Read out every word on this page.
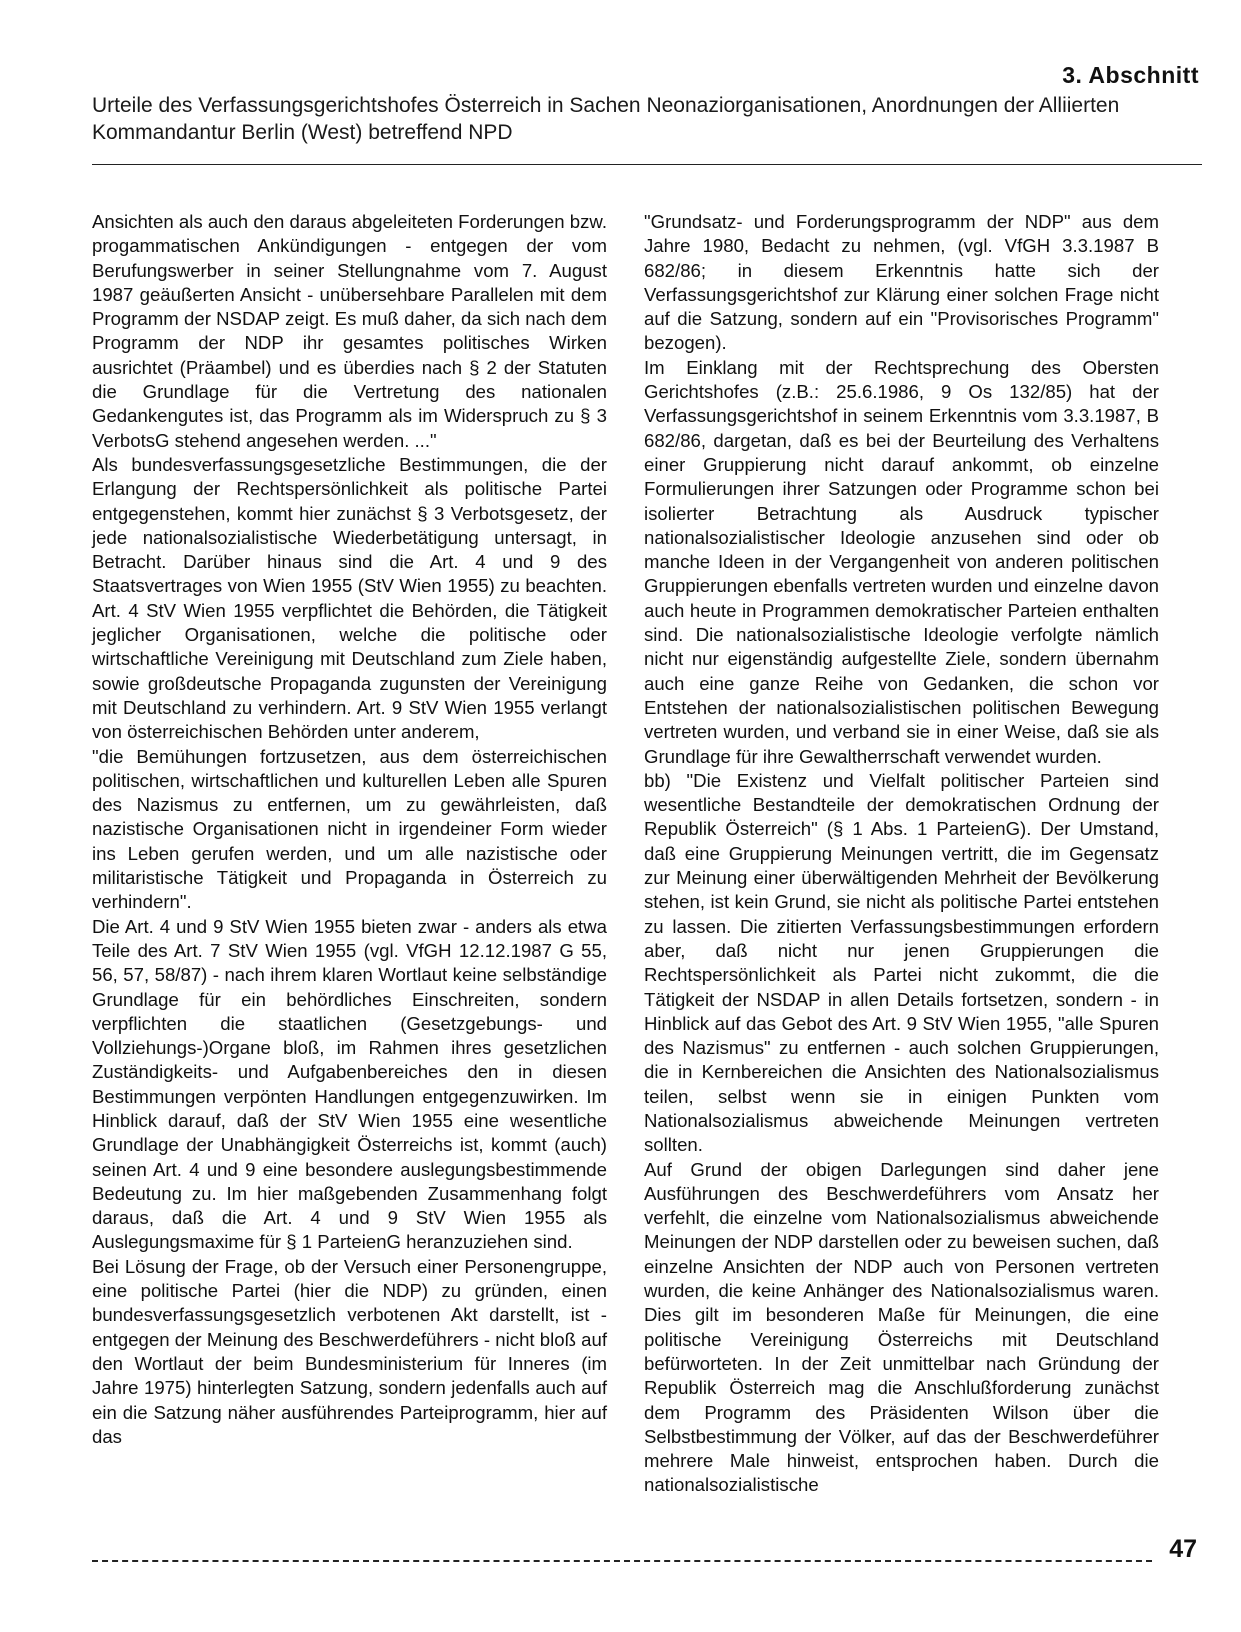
3. Abschnitt
Urteile des Verfassungsgerichtshofes Österreich in Sachen Neonaziorganisationen, Anordnungen der Alliierten Kommandantur Berlin (West) betreffend NPD

Ansichten als auch den daraus abgeleiteten Forderungen bzw. progammatischen Ankündigungen - entgegen der vom Berufungswerber in seiner Stellungnahme vom 7. August 1987 geäußerten Ansicht - unübersehbare Parallelen mit dem Programm der NSDAP zeigt. Es muß daher, da sich nach dem Programm der NDP ihr gesamtes politisches Wirken ausrichtet (Präambel) und es überdies nach § 2 der Statuten die Grundlage für die Vertretung des nationalen Gedankengutes ist, das Programm als im Widerspruch zu § 3 VerbotsG stehend angesehen werden. ..."

Als bundesverfassungsgesetzliche Bestimmungen, die der Erlangung der Rechtspersönlichkeit als politische Partei entgegenstehen, kommt hier zunächst § 3 Verbotsgesetz, der jede nationalsozialistische Wiederbetätigung untersagt, in Betracht. Darüber hinaus sind die Art. 4 und 9 des Staatsvertrages von Wien 1955 (StV Wien 1955) zu beachten. Art. 4 StV Wien 1955 verpflichtet die Behörden, die Tätigkeit jeglicher Organisationen, welche die politische oder wirtschaftliche Vereinigung mit Deutschland zum Ziele haben, sowie großdeutsche Propaganda zugunsten der Vereinigung mit Deutschland zu verhindern. Art. 9 StV Wien 1955 verlangt von österreichischen Behörden unter anderem,

"die Bemühungen fortzusetzen, aus dem österreichischen politischen, wirtschaftlichen und kulturellen Leben alle Spuren des Nazismus zu entfernen, um zu gewährleisten, daß nazistische Organisationen nicht in irgendeiner Form wieder ins Leben gerufen werden, und um alle nazistische oder militaristische Tätigkeit und Propaganda in Österreich zu verhindern".

Die Art. 4 und 9 StV Wien 1955 bieten zwar - anders als etwa Teile des Art. 7 StV Wien 1955 (vgl. VfGH 12.12.1987 G 55, 56, 57, 58/87) - nach ihrem klaren Wortlaut keine selbständige Grundlage für ein behördliches Einschreiten, sondern verpflichten die staatlichen (Gesetzgebungs- und Vollziehungs-)Organe bloß, im Rahmen ihres gesetzlichen Zuständigkeits- und Aufgabenbereiches den in diesen Bestimmungen verpönten Handlungen entgegenzuwirken. Im Hinblick darauf, daß der StV Wien 1955 eine wesentliche Grundlage der Unabhängigkeit Österreichs ist, kommt (auch) seinen Art. 4 und 9 eine besondere auslegungsbestimmende Bedeutung zu. Im hier maßgebenden Zusammenhang folgt daraus, daß die Art. 4 und 9 StV Wien 1955 als Auslegungsmaxime für § 1 ParteienG heranzuziehen sind.

Bei Lösung der Frage, ob der Versuch einer Personengruppe, eine politische Partei (hier die NDP) zu gründen, einen bundesverfassungsgesetzlich verbotenen Akt darstellt, ist - entgegen der Meinung des Beschwerdeführers - nicht bloß auf den Wortlaut der beim Bundesministerium für Inneres (im Jahre 1975) hinterlegten Satzung, sondern jedenfalls auch auf ein die Satzung näher ausführendes Parteiprogramm, hier auf das

"Grundsatz- und Forderungsprogramm der NDP" aus dem Jahre 1980, Bedacht zu nehmen, (vgl. VfGH 3.3.1987 B 682/86; in diesem Erkenntnis hatte sich der Verfassungsgerichtshof zur Klärung einer solchen Frage nicht auf die Satzung, sondern auf ein "Provisorisches Programm" bezogen).

Im Einklang mit der Rechtsprechung des Obersten Gerichtshofes (z.B.: 25.6.1986, 9 Os 132/85) hat der Verfassungsgerichtshof in seinem Erkenntnis vom 3.3.1987, B 682/86, dargetan, daß es bei der Beurteilung des Verhaltens einer Gruppierung nicht darauf ankommt, ob einzelne Formulierungen ihrer Satzungen oder Programme schon bei isolierter Betrachtung als Ausdruck typischer nationalsozialistischer Ideologie anzusehen sind oder ob manche Ideen in der Vergangenheit von anderen politischen Gruppierungen ebenfalls vertreten wurden und einzelne davon auch heute in Programmen demokratischer Parteien enthalten sind. Die nationalsozialistische Ideologie verfolgte nämlich nicht nur eigenständig aufgestellte Ziele, sondern übernahm auch eine ganze Reihe von Gedanken, die schon vor Entstehen der nationalsozialistischen politischen Bewegung vertreten wurden, und verband sie in einer Weise, daß sie als Grundlage für ihre Gewaltherrschaft verwendet wurden.

bb) "Die Existenz und Vielfalt politischer Parteien sind wesentliche Bestandteile der demokratischen Ordnung der Republik Österreich" (§ 1 Abs. 1 ParteienG). Der Umstand, daß eine Gruppierung Meinungen vertritt, die im Gegensatz zur Meinung einer überwältigenden Mehrheit der Bevölkerung stehen, ist kein Grund, sie nicht als politische Partei entstehen zu lassen. Die zitierten Verfassungsbestimmungen erfordern aber, daß nicht nur jenen Gruppierungen die Rechtspersönlichkeit als Partei nicht zukommt, die die Tätigkeit der NSDAP in allen Details fortsetzen, sondern - in Hinblick auf das Gebot des Art. 9 StV Wien 1955, "alle Spuren des Nazismus" zu entfernen - auch solchen Gruppierungen, die in Kernbereichen die Ansichten des Nationalsozialismus teilen, selbst wenn sie in einigen Punkten vom Nationalsozialismus abweichende Meinungen vertreten sollten.

Auf Grund der obigen Darlegungen sind daher jene Ausführungen des Beschwerdeführers vom Ansatz her verfehlt, die einzelne vom Nationalsozialismus abweichende Meinungen der NDP darstellen oder zu beweisen suchen, daß einzelne Ansichten der NDP auch von Personen vertreten wurden, die keine Anhänger des Nationalsozialismus waren. Dies gilt im besonderen Maße für Meinungen, die eine politische Vereinigung Österreichs mit Deutschland befürworteten. In der Zeit unmittelbar nach Gründung der Republik Österreich mag die Anschlußforderung zunächst dem Programm des Präsidenten Wilson über die Selbstbestimmung der Völker, auf das der Beschwerdeführer mehrere Male hinweist, entsprochen haben. Durch die nationalsozialistische

47
